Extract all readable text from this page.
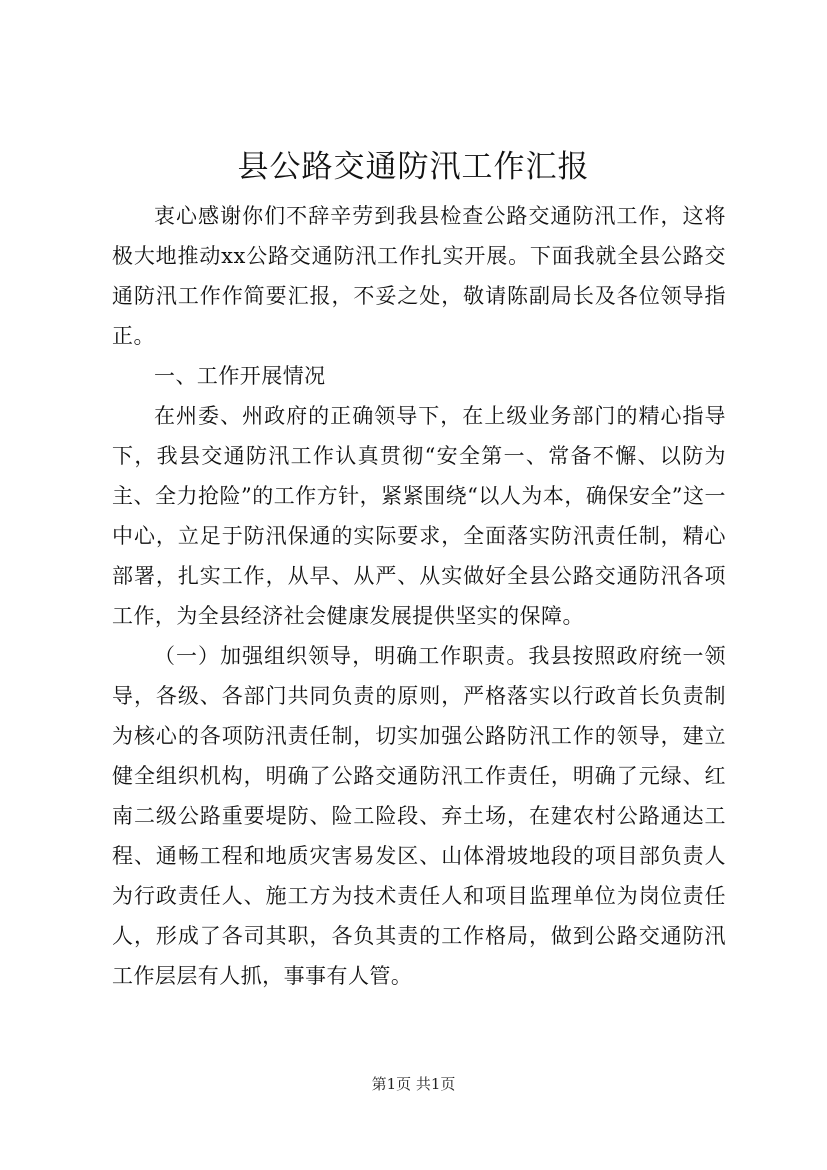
县公路交通防汛工作汇报

衷心感谢你们不辞辛劳到我县检查公路交通防汛工作，这将极大地推动xx公路交通防汛工作扎实开展。下面我就全县公路交通防汛工作作简要汇报，不妥之处，敬请陈副局长及各位领导指正。

一、工作开展情况

在州委、州政府的正确领导下，在上级业务部门的精心指导下，我县交通防汛工作认真贯彻“安全第一、常备不懈、以防为主、全力抢险”的工作方针，紧紧围绕“以人为本，确保安全”这一中心，立足于防汛保通的实际要求，全面落实防汛责任制，精心部署，扎实工作，从早、从严、从实做好全县公路交通防汛各项工作，为全县经济社会健康发展提供坚实的保障。

（一）加强组织领导，明确工作职责。我县按照政府统一领导，各级、各部门共同负责的原则，严格落实以行政首长负责制为核心的各项防汛责任制，切实加强公路防汛工作的领导，建立健全组织机构，明确了公路交通防汛工作责任，明确了元绿、红南二级公路重要堤防、险工险段、弃土场，在建农村公路通达工程、通畅工程和地质灾害易发区、山体滑坡地段的项目部负责人为行政责任人、施工方为技术责任人和项目监理单位为岗位责任人，形成了各司其职，各负其责的工作格局，做到公路交通防汛工作层层有人抓，事事有人管。

第1页 共1页
